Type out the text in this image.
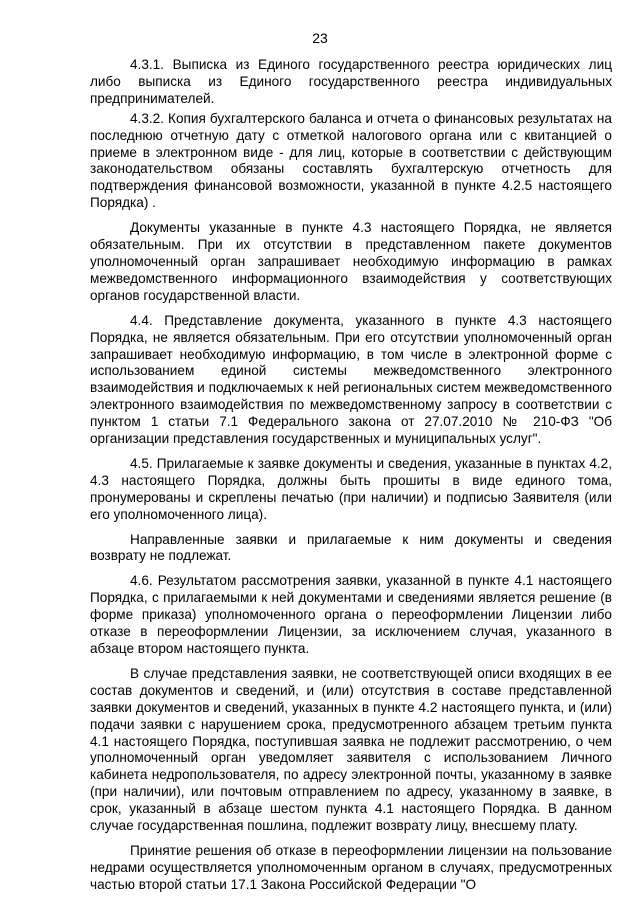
23

4.3.1. Выписка из Единого государственного реестра юридических лиц либо выписка из Единого государственного реестра индивидуальных предпринимателей.

4.3.2. Копия бухгалтерского баланса и отчета о финансовых результатах на последнюю отчетную дату с отметкой налогового органа или с квитанцией о приеме в электронном виде - для лиц, которые в соответствии с действующим законодательством обязаны составлять бухгалтерскую отчетность для подтверждения финансовой возможности, указанной в пункте 4.2.5 настоящего Порядка) .

Документы указанные в пункте 4.3 настоящего Порядка, не является обязательным. При их отсутствии в представленном пакете документов уполномоченный орган запрашивает необходимую информацию в рамках межведомственного информационного взаимодействия у соответствующих органов государственной власти.

4.4. Представление документа, указанного в пункте 4.3 настоящего Порядка, не является обязательным. При его отсутствии уполномоченный орган запрашивает необходимую информацию, в том числе в электронной форме с использованием единой системы межведомственного электронного взаимодействия и подключаемых к ней региональных систем межведомственного электронного взаимодействия по межведомственному запросу в соответствии с пунктом 1 статьи 7.1 Федерального закона от 27.07.2010 № 210-ФЗ "Об организации представления государственных и муниципальных услуг".

4.5. Прилагаемые к заявке документы и сведения, указанные в пунктах 4.2, 4.3 настоящего Порядка, должны быть прошиты в виде единого тома, пронумерованы и скреплены печатью (при наличии) и подписью Заявителя (или его уполномоченного лица).

Направленные заявки и прилагаемые к ним документы и сведения возврату не подлежат.

4.6. Результатом рассмотрения заявки, указанной в пункте 4.1 настоящего Порядка, с прилагаемыми к ней документами и сведениями является решение (в форме приказа) уполномоченного органа о переоформлении Лицензии либо отказе в переоформлении Лицензии, за исключением случая, указанного в абзаце втором настоящего пункта.

В случае представления заявки, не соответствующей описи входящих в ее состав документов и сведений, и (или) отсутствия в составе представленной заявки документов и сведений, указанных в пункте 4.2 настоящего пункта, и (или) подачи заявки с нарушением срока, предусмотренного абзацем третьим пункта 4.1 настоящего Порядка, поступившая заявка не подлежит рассмотрению, о чем уполномоченный орган уведомляет заявителя с использованием Личного кабинета недропользователя, по адресу электронной почты, указанному в заявке (при наличии), или почтовым отправлением по адресу, указанному в заявке, в срок, указанный в абзаце шестом пункта 4.1 настоящего Порядка. В данном случае государственная пошлина, подлежит возврату лицу, внесшему плату.

Принятие решения об отказе в переоформлении лицензии на пользование недрами осуществляется уполномоченным органом в случаях, предусмотренных частью второй статьи 17.1 Закона Российской Федерации "О
